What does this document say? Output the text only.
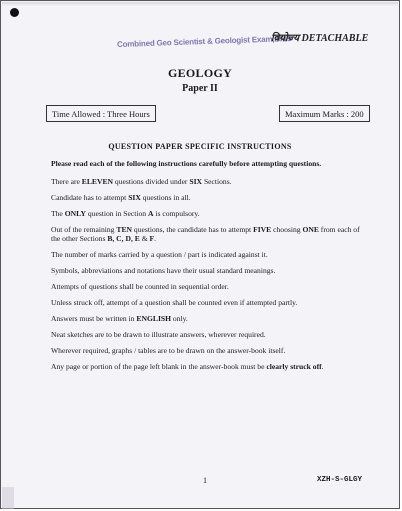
Combined Geo Scientist & Geologist Exam,2019
वियोज्य DETACHABLE
GEOLOGY
Paper II
Time Allowed : Three Hours	Maximum Marks : 200
QUESTION PAPER SPECIFIC INSTRUCTIONS

Please read each of the following instructions carefully before attempting questions.

There are ELEVEN questions divided under SIX Sections.

Candidate has to attempt SIX questions in all.

The ONLY question in Section A is compulsory.

Out of the remaining TEN questions, the candidate has to attempt FIVE choosing ONE from each of the other Sections B, C, D, E & F.

The number of marks carried by a question / part is indicated against it.

Symbols, abbreviations and notations have their usual standard meanings.

Attempts of questions shall be counted in sequential order.

Unless struck off, attempt of a question shall be counted even if attempted partly.

Answers must be written in ENGLISH only.

Neat sketches are to be drawn to illustrate answers, wherever required.

Wherever required, graphs / tables are to be drawn on the answer-book itself.

Any page or portion of the page left blank in the answer-book must be clearly struck off.

1	XZH-S-GLGY
